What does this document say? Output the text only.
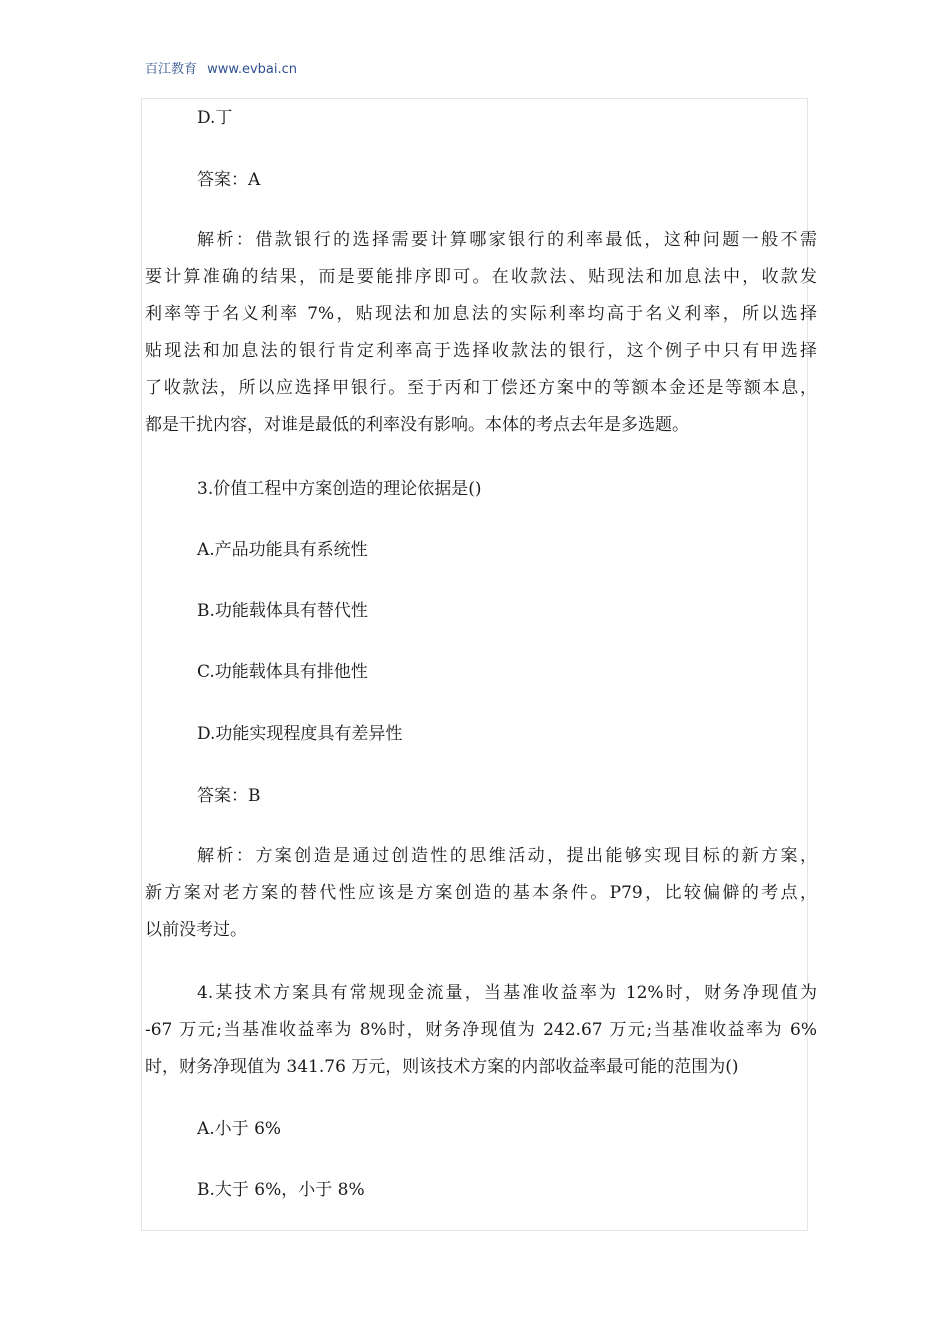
百江教育 www.evbai.cn
D.丁
答案：A
解析：借款银行的选择需要计算哪家银行的利率最低，这种问题一般不需
要计算准确的结果，而是要能排序即可。在收款法、贴现法和加息法中，收款发
利率等于名义利率 7%，贴现法和加息法的实际利率均高于名义利率，所以选择
贴现法和加息法的银行肯定利率高于选择收款法的银行，这个例子中只有甲选择
了收款法，所以应选择甲银行。至于丙和丁偿还方案中的等额本金还是等额本息，
都是干扰内容，对谁是最低的利率没有影响。本体的考点去年是多选题。
3.价值工程中方案创造的理论依据是()
A.产品功能具有系统性
B.功能载体具有替代性
C.功能载体具有排他性
D.功能实现程度具有差异性
答案：B
解析：方案创造是通过创造性的思维活动，提出能够实现目标的新方案，
新方案对老方案的替代性应该是方案创造的基本条件。P79，比较偏僻的考点，
以前没考过。
4.某技术方案具有常规现金流量，当基准收益率为 12%时，财务净现值为
-67 万元;当基准收益率为 8%时，财务净现值为 242.67 万元;当基准收益率为 6%
时，财务净现值为 341.76 万元，则该技术方案的内部收益率最可能的范围为()
A.小于 6%
B.大于 6%，小于 8%
